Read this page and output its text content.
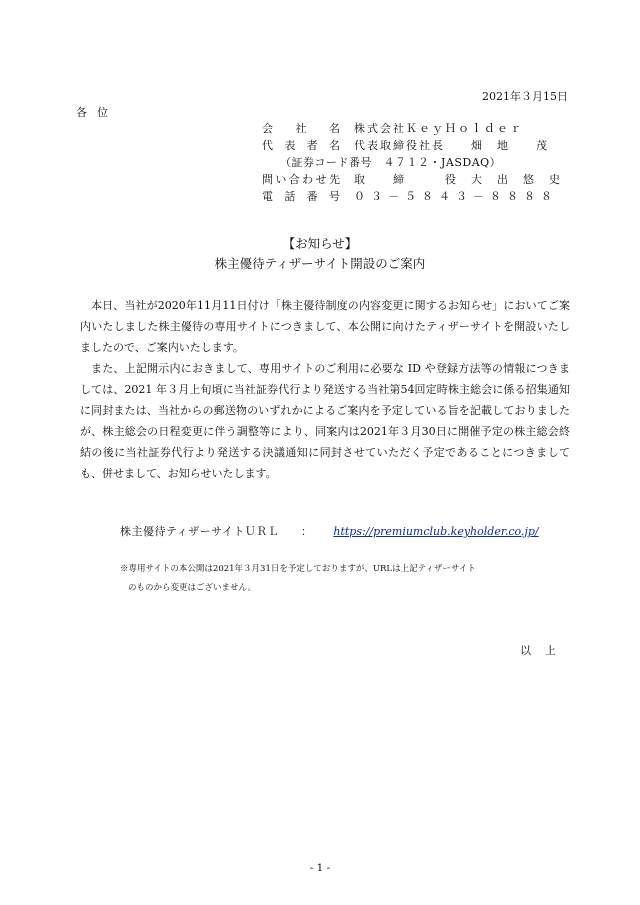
2021年３月15日
各位
会 社 名 株式会社ＫｅｙＨｏｌｄｅｒ
代 表 者 名 代表取締役社長　　畑　地　　茂
（証券コード番号　４７１２・JASDAQ）
問 い 合 わ せ 先 取　　締　　　役　大　出　悠　史
電 話 番 号 ０３－５８４３－８８８８
【お知らせ】
株主優待ティザーサイト開設のご案内

本日、当社が2020年11月11日付け「株主優待制度の内容変更に関するお知らせ」においてご案内いたしました株主優待の専用サイトにつきまして、本公開に向けたティザーサイトを開設いたしましたので、ご案内いたします。

また、上記開示内におきまして、専用サイトのご利用に必要な ID や登録方法等の情報につきましては、2021 年３月上旬頃に当社証券代行より発送する当社第54回定時株主総会に係る招集通知に同封または、当社からの郵送物のいずれかによるご案内を予定している旨を記載しておりましたが、株主総会の日程変更に伴う調整等により、同案内は2021年３月30日に開催予定の株主総会終結の後に当社証券代行より発送する決議通知に同封させていただく予定であることにつきましても、併せまして、お知らせいたします。

株主優待ティザーサイトＵＲＬ ： https://premiumclub.keyholder.co.jp/
※専用サイトの本公開は2021年３月31日を予定しておりますが、URLは上記ティザーサイト
のものから変更はございません。
以上
- 1 -
